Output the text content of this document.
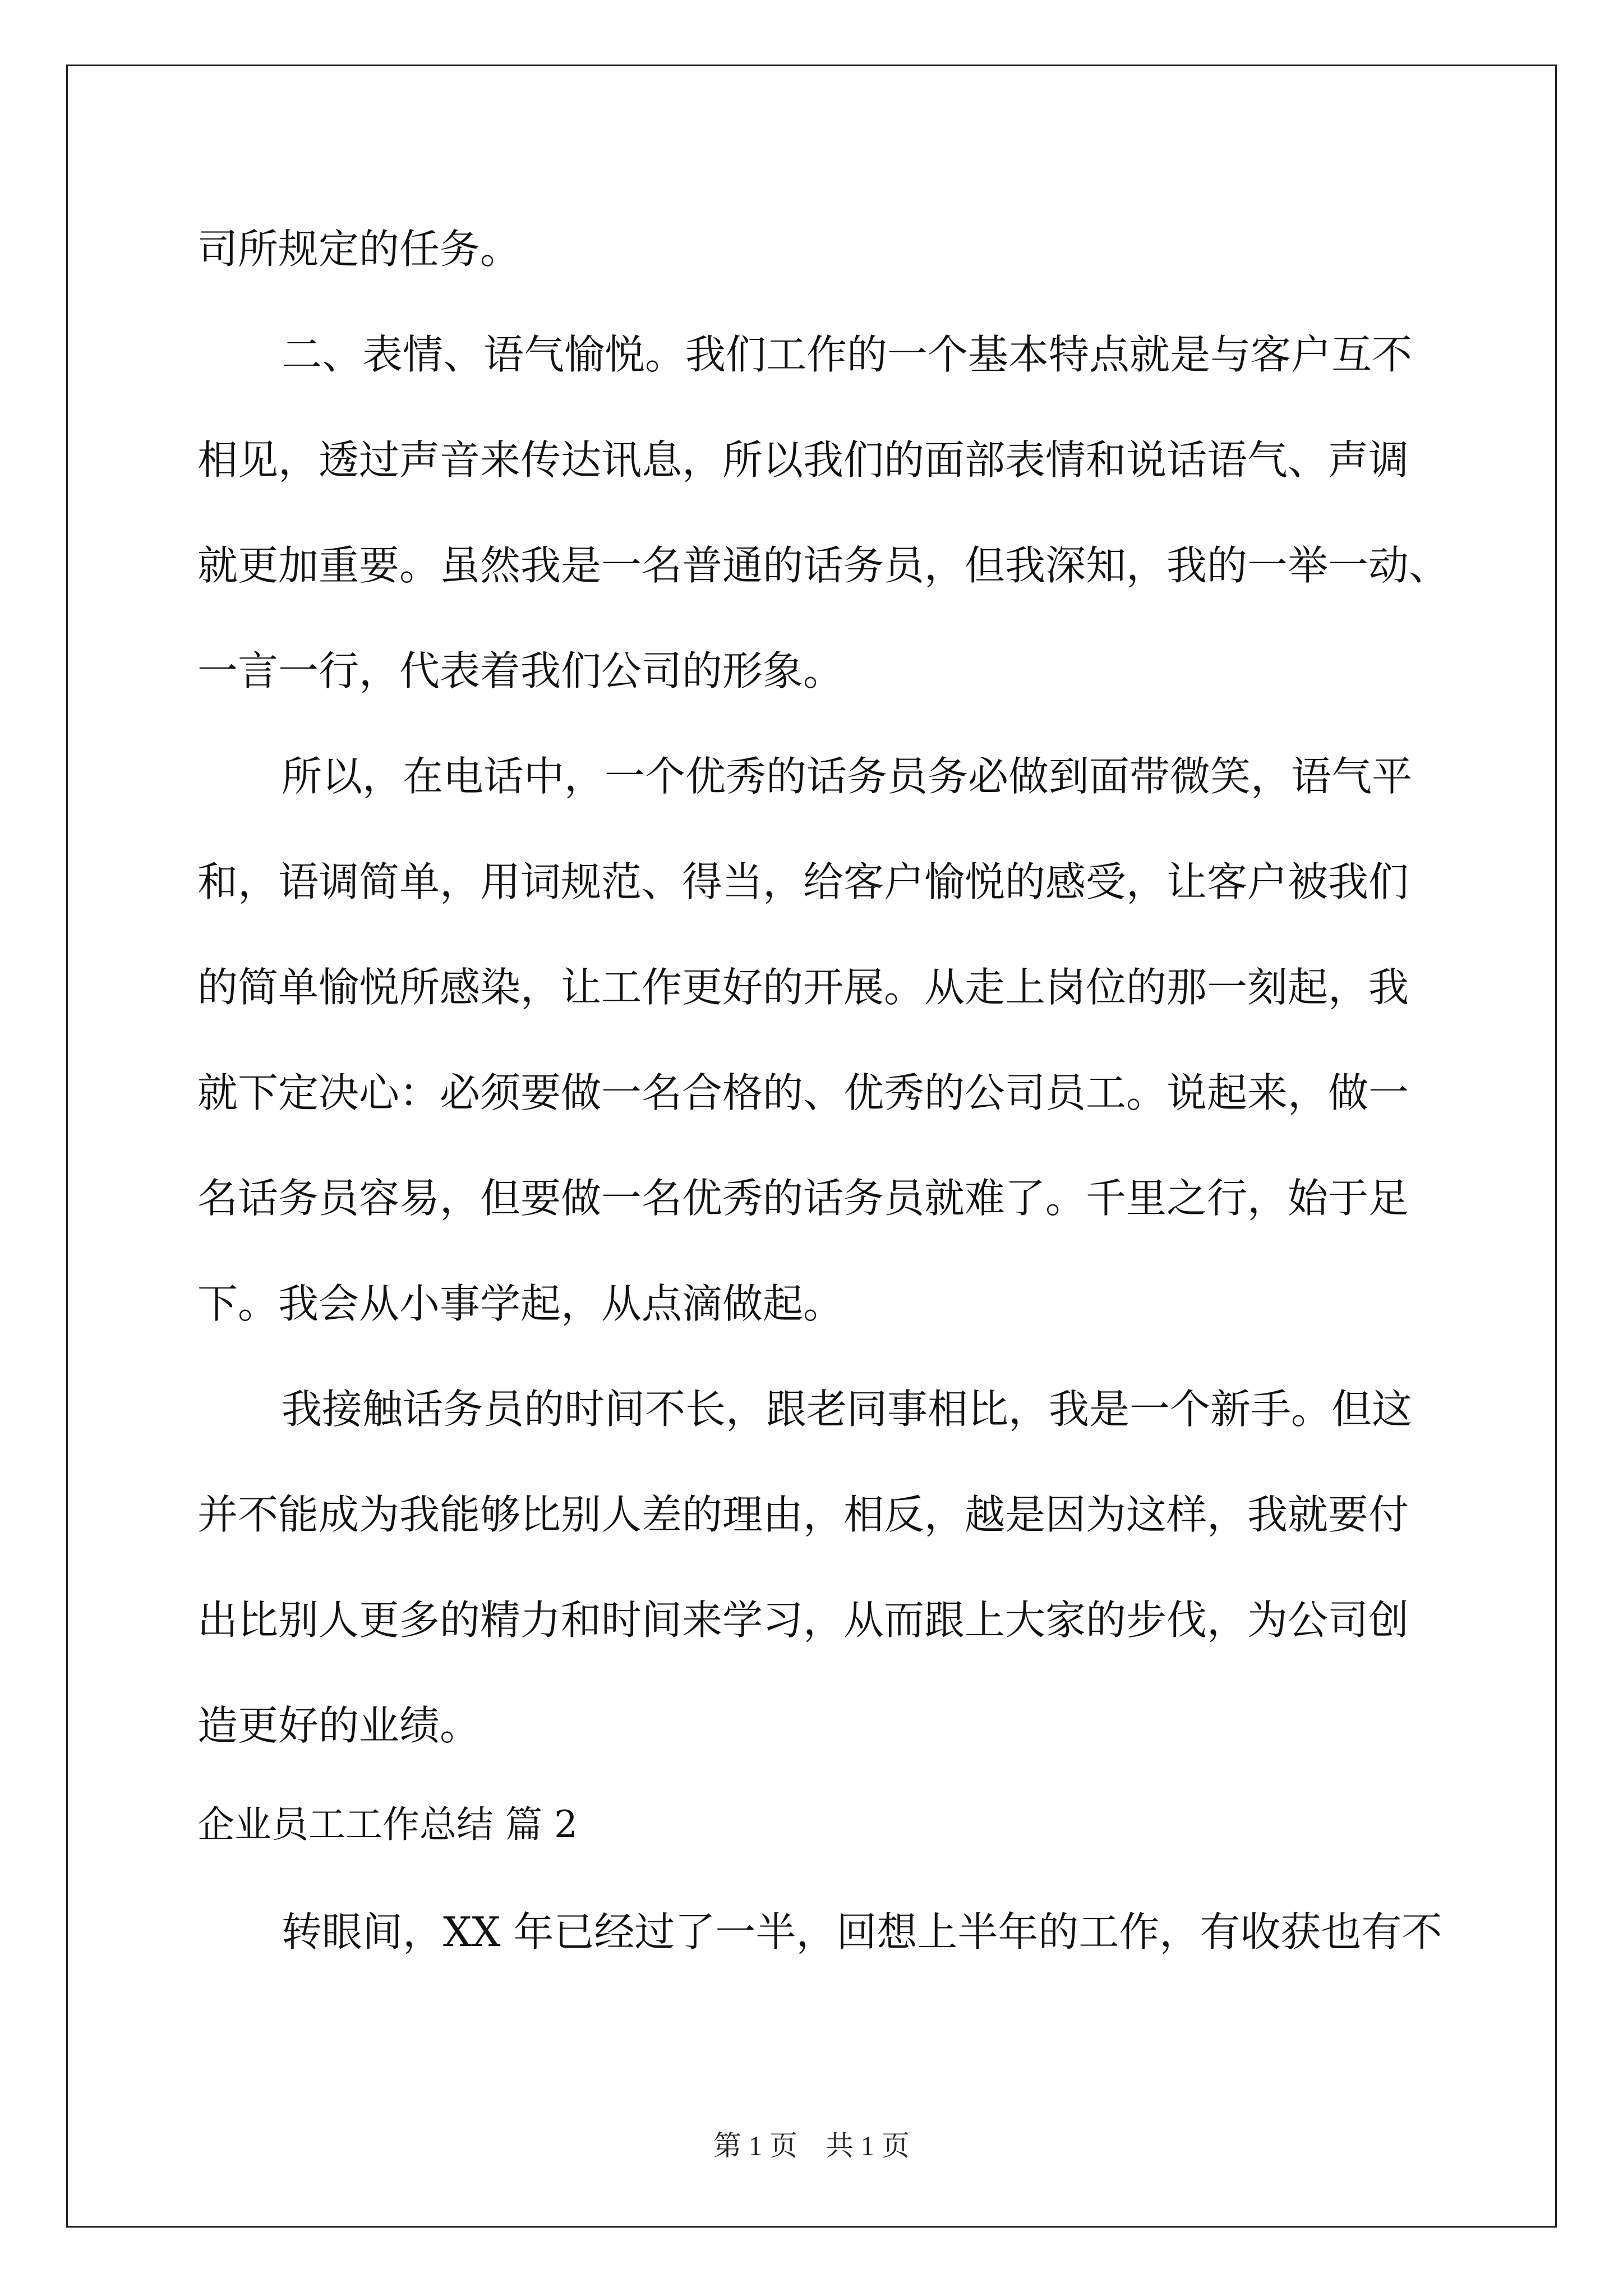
司所规定的任务。
二、表情、语气愉悦。我们工作的一个基本特点就是与客户互不
相见，透过声音来传达讯息，所以我们的面部表情和说话语气、声调
就更加重要。虽然我是一名普通的话务员，但我深知，我的一举一动、
一言一行，代表着我们公司的形象。
所以，在电话中，一个优秀的话务员务必做到面带微笑，语气平
和，语调简单，用词规范、得当，给客户愉悦的感受，让客户被我们
的简单愉悦所感染，让工作更好的开展。从走上岗位的那一刻起，我
就下定决心：必须要做一名合格的、优秀的公司员工。说起来，做一
名话务员容易，但要做一名优秀的话务员就难了。千里之行，始于足
下。我会从小事学起，从点滴做起。
我接触话务员的时间不长，跟老同事相比，我是一个新手。但这
并不能成为我能够比别人差的理由，相反，越是因为这样，我就要付
出比别人更多的精力和时间来学习，从而跟上大家的步伐，为公司创
造更好的业绩。
企业员工工作总结 篇 2
转眼间，XX 年已经过了一半，回想上半年的工作，有收获也有不
第 1 页　共 1 页
